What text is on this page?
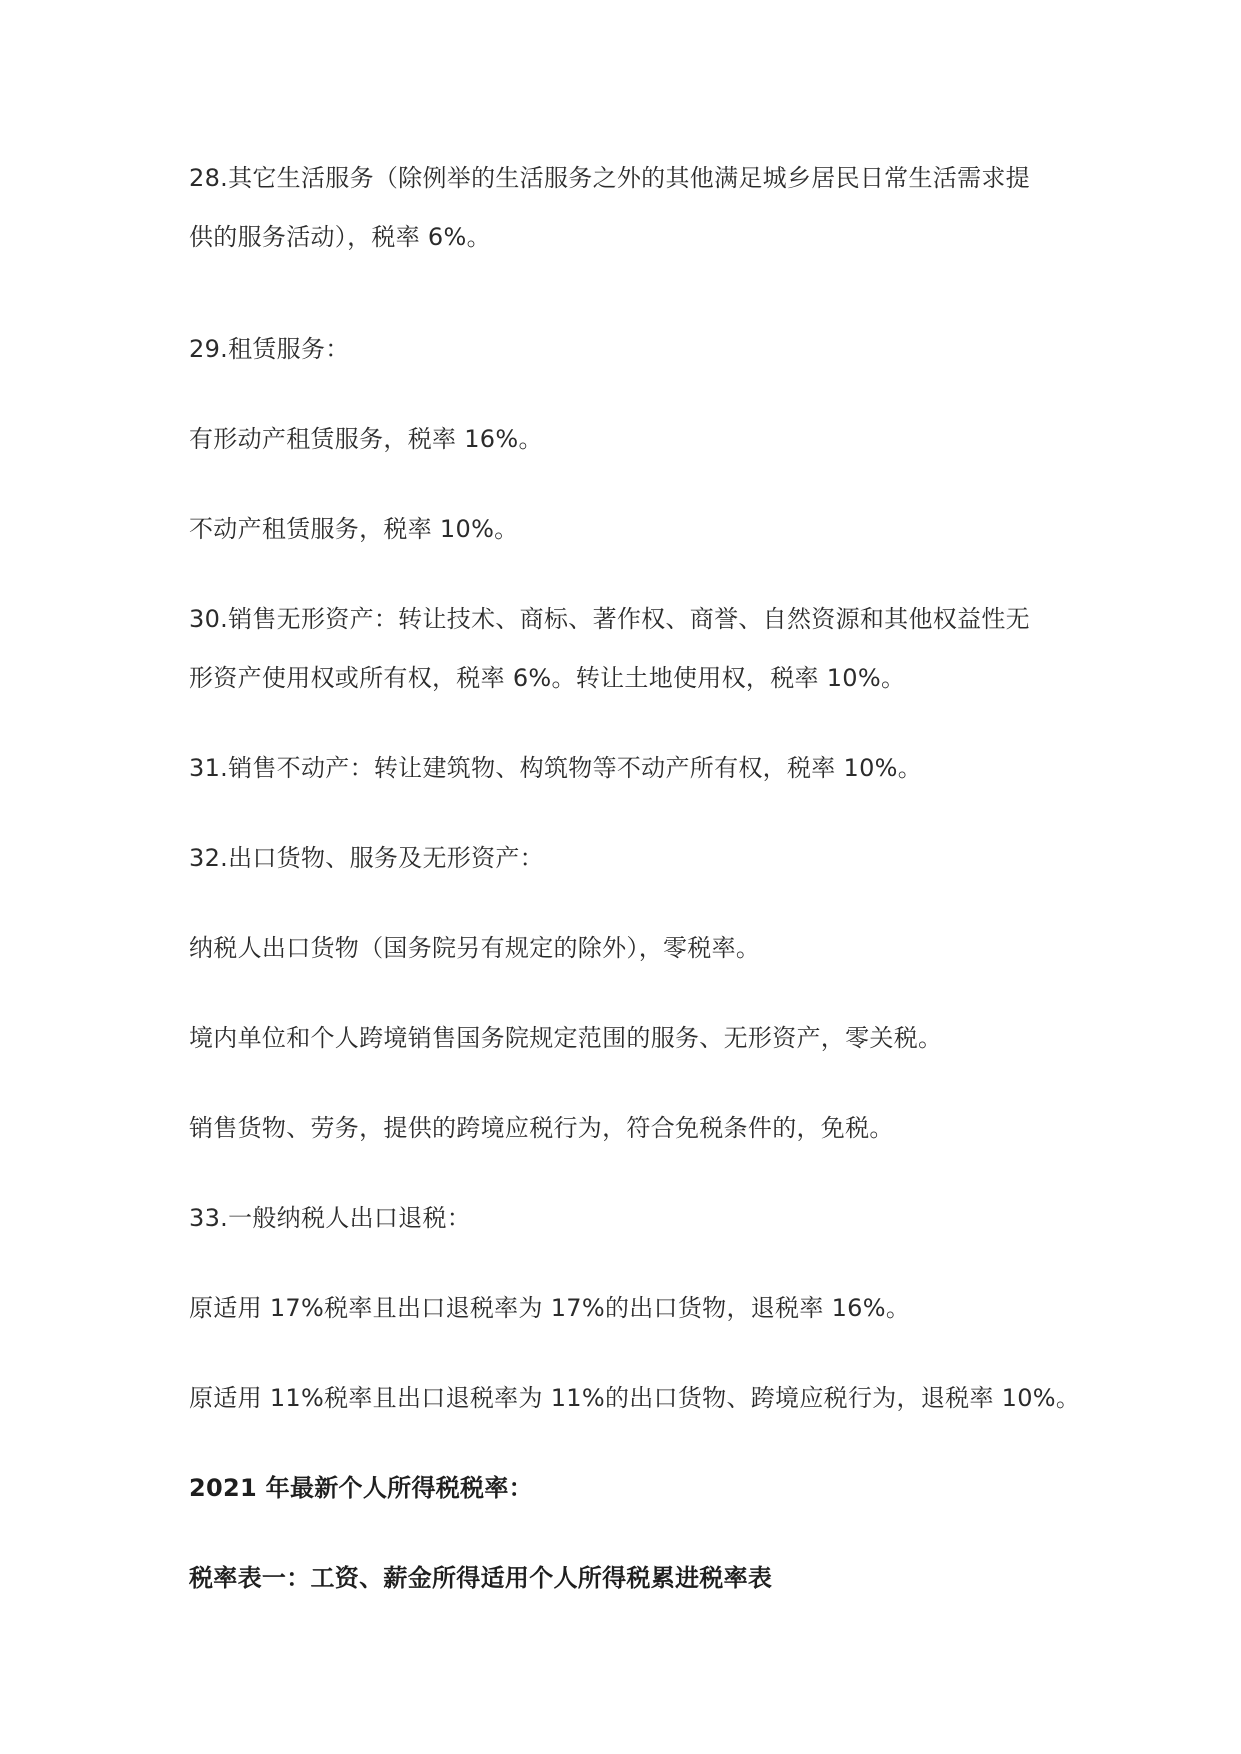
28.其它生活服务（除例举的生活服务之外的其他满足城乡居民日常生活需求提

供的服务活动），税率 6%。

29.租赁服务：

有形动产租赁服务，税率 16%。

不动产租赁服务，税率 10%。

30.销售无形资产：转让技术、商标、著作权、商誉、自然资源和其他权益性无

形资产使用权或所有权，税率 6%。转让土地使用权，税率 10%。

31.销售不动产：转让建筑物、构筑物等不动产所有权，税率 10%。

32.出口货物、服务及无形资产：

纳税人出口货物（国务院另有规定的除外），零税率。

境内单位和个人跨境销售国务院规定范围的服务、无形资产，零关税。

销售货物、劳务，提供的跨境应税行为，符合免税条件的，免税。

33.一般纳税人出口退税：

原适用 17%税率且出口退税率为 17%的出口货物，退税率 16%。

原适用 11%税率且出口退税率为 11%的出口货物、跨境应税行为，退税率 10%。

2021 年最新个人所得税税率：

税率表一：工资、薪金所得适用个人所得税累进税率表
